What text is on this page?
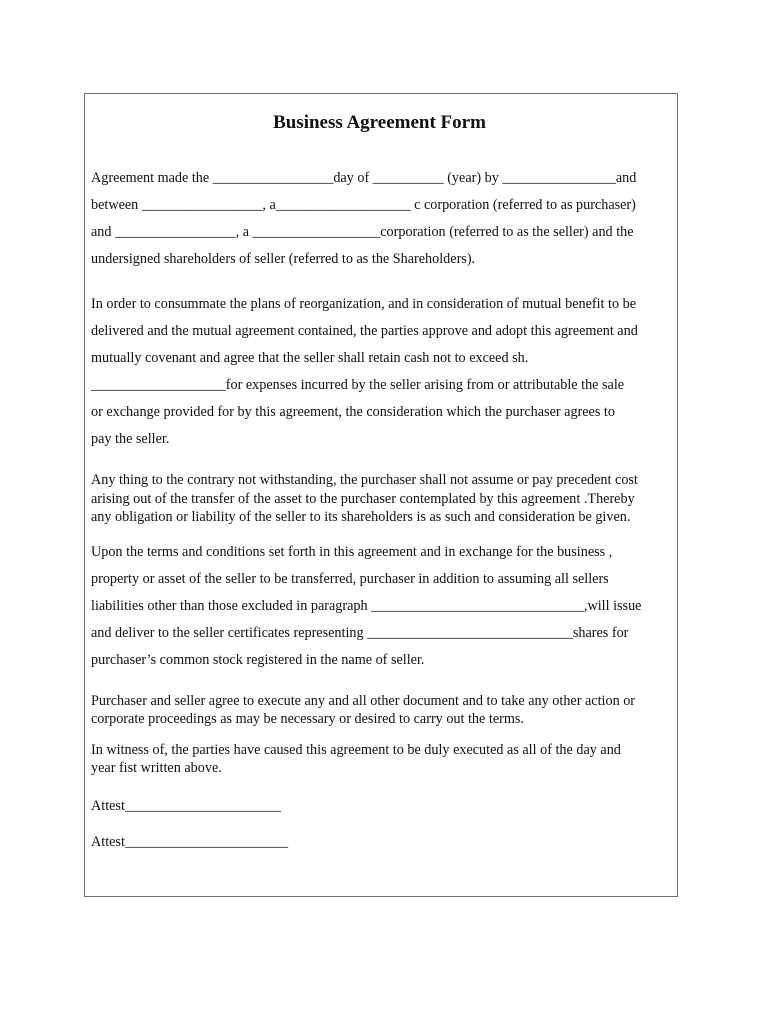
Business Agreement Form
Agreement made the _________________day of __________ (year) by ________________and
between _________________, a___________________ c corporation (referred to as purchaser)
and _________________, a __________________corporation (referred to as the seller) and the
undersigned shareholders of seller (referred to as the Shareholders).
In order to consummate the plans of reorganization, and in consideration of mutual benefit to be
delivered and the mutual agreement contained, the parties approve and adopt this agreement and
mutually covenant and agree that the seller shall retain cash not to exceed sh.
___________________for expenses incurred by the seller arising from or attributable the sale
or exchange provided for by this agreement, the consideration which the purchaser agrees to
pay the seller.
Any thing to the contrary not withstanding, the purchaser shall not assume or pay precedent cost
arising out of the transfer of the asset to the purchaser contemplated by this agreement .Thereby
any obligation or liability of the seller to its shareholders is as such and consideration be given.
Upon the terms and conditions set forth in this agreement and in exchange for the business ,
property or asset of the seller to be transferred, purchaser in addition to assuming all sellers
liabilities other than those excluded in paragraph ______________________________,will issue
and deliver to the seller certificates representing _____________________________shares for
purchaser’s common stock registered in the name of seller.
Purchaser and seller agree to execute any and all other document and to take any other action or
corporate proceedings as may be necessary or desired to carry out the terms.
In witness of, the parties have caused this agreement to be duly executed as all of the day and
year fist written above.
Attest______________________
Attest_______________________
